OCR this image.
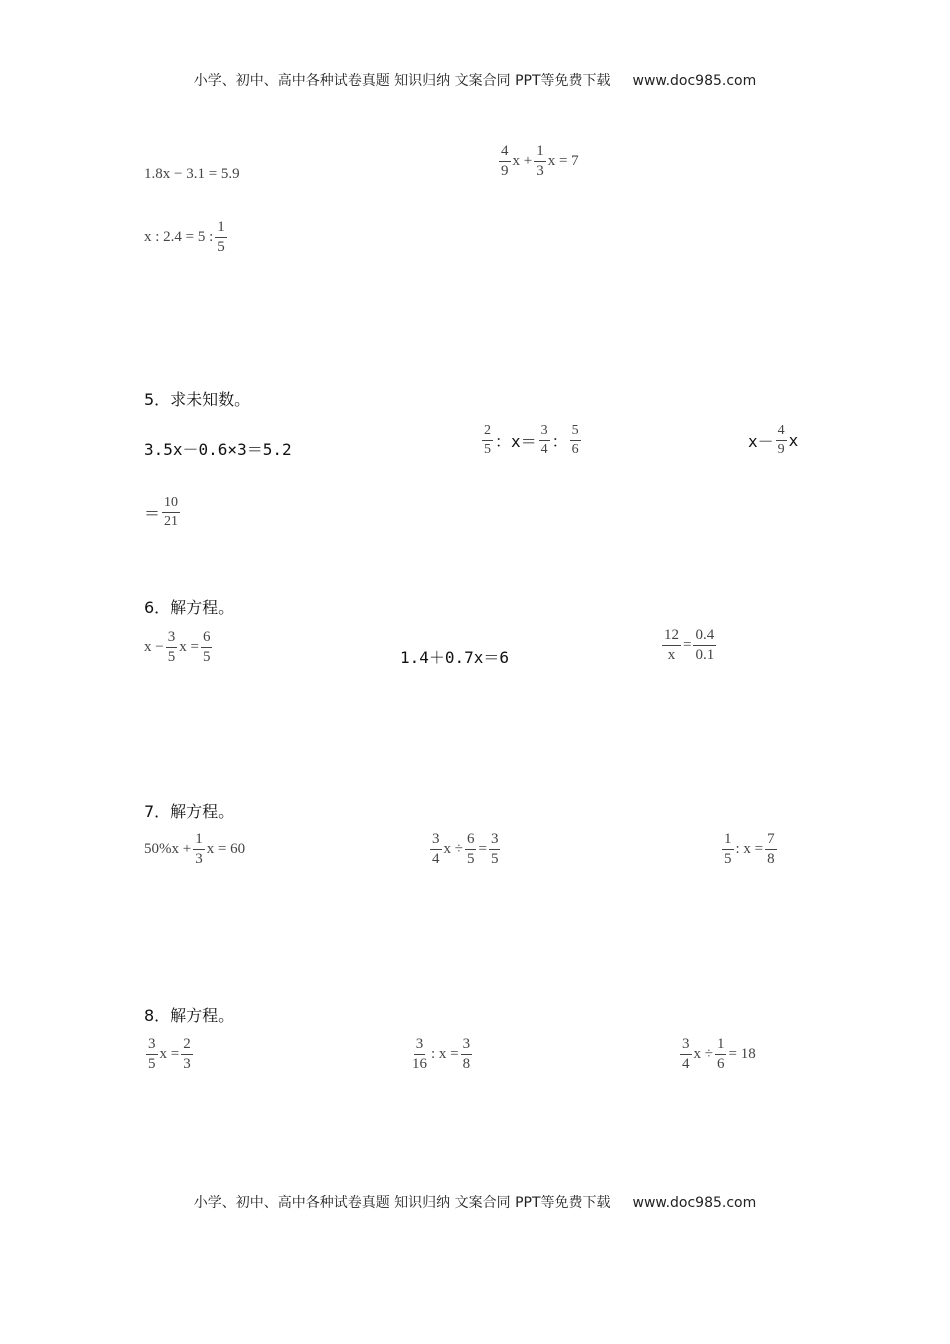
小学、初中、高中各种试卷真题 知识归纳 文案合同 PPT等免费下载 www.doc985.com
1.8x − 3.1 = 5.9	$\frac{4}{9}$ $x + \frac{1}{3}$ x = 7
x : 2.4 = 5 : $\frac{1}{5}$
5．求未知数。
3.5x－0.6×3＝5.2	$\frac{2}{5}$ ：$x= \frac{3}{4}$ ： $\frac{5}{6}$	$x- \frac{4}{9}$ x
＝ $\frac{10}{21}$
6．解方程。
$x - \frac{3}{5}$ $x = \frac{6}{5}$	1.4＋0.7x＝6	$\frac{12}{x} = \frac{0.4}{0.1}$
7．解方程。
$50\%x + \frac{1}{3}$ x = 60	$\frac{3}{4}$ $x \div \frac{6}{5} = \frac{3}{5}$	$\frac{1}{5}$ : $x = \frac{7}{8}$
8．解方程。
$\frac{3}{5}$ $x = \frac{2}{3}$	$\frac{3}{16}$ : $x = \frac{3}{8}$	$\frac{3}{4}$ $x \div \frac{1}{6} = 18$
小学、初中、高中各种试卷真题 知识归纳 文案合同 PPT等免费下载 www.doc985.com
